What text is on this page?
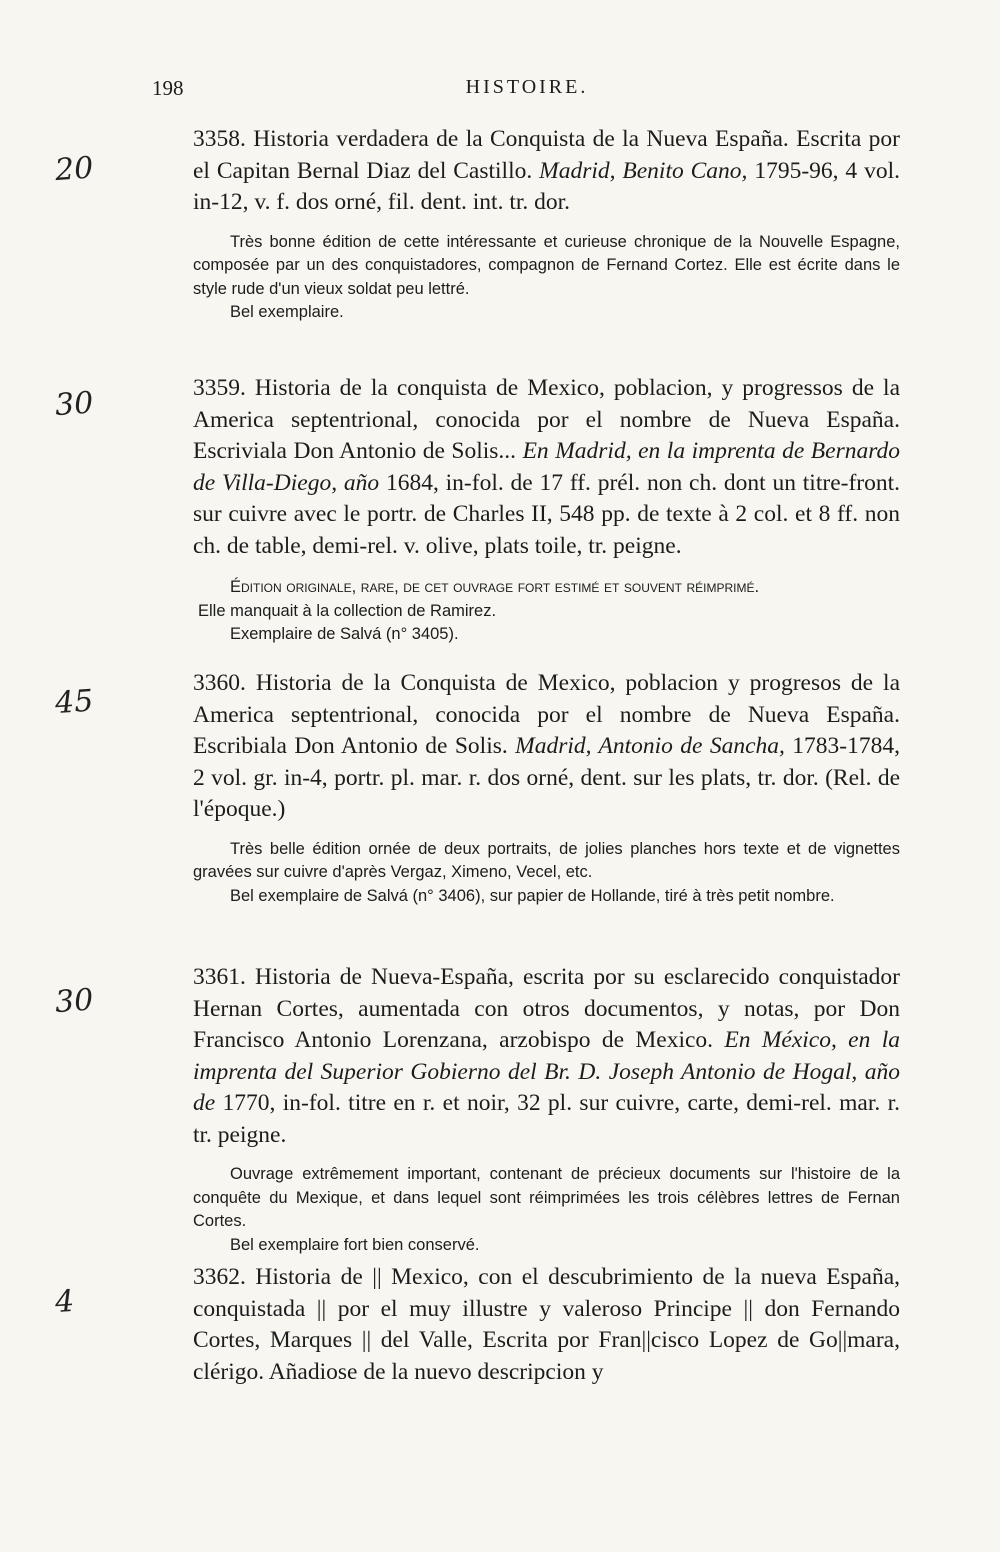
198	HISTOIRE.
20
30
45
30
4

3358. Historia verdadera de la Conquista de la Nueva España. Escrita por el Capitan Bernal Diaz del Castillo. Madrid, Benito Cano, 1795-96, 4 vol. in-12, v. f. dos orné, fil. dent. int. tr. dor.

Très bonne édition de cette intéressante et curieuse chronique de la Nouvelle Espagne, composée par un des conquistadores, compagnon de Fernand Cortez. Elle est écrite dans le style rude d'un vieux soldat peu lettré.

Bel exemplaire.

3359. Historia de la conquista de Mexico, poblacion, y progressos de la America septentrional, conocida por el nombre de Nueva España. Escriviala Don Antonio de Solis... En Madrid, en la imprenta de Bernardo de Villa-Diego, año 1684, in-fol. de 17 ff. prél. non ch. dont un titre-front. sur cuivre avec le portr. de Charles II, 548 pp. de texte à 2 col. et 8 ff. non ch. de table, demi-rel. v. olive, plats toile, tr. peigne.

Édition originale, rare, de cet ouvrage fort estimé et souvent réimprimé.

Elle manquait à la collection de Ramirez.

Exemplaire de Salvá (n° 3405).

3360. Historia de la Conquista de Mexico, poblacion y progresos de la America septentrional, conocida por el nombre de Nueva España. Escribiala Don Antonio de Solis. Madrid, Antonio de Sancha, 1783-1784, 2 vol. gr. in-4, portr. pl. mar. r. dos orné, dent. sur les plats, tr. dor. (Rel. de l'époque.)

Très belle édition ornée de deux portraits, de jolies planches hors texte et de vignettes gravées sur cuivre d'après Vergaz, Ximeno, Vecel, etc.

Bel exemplaire de Salvá (n° 3406), sur papier de Hollande, tiré à très petit nombre.

3361. Historia de Nueva-España, escrita por su esclarecido conquistador Hernan Cortes, aumentada con otros documentos, y notas, por Don Francisco Antonio Lorenzana, arzobispo de Mexico. En México, en la imprenta del Superior Gobierno del Br. D. Joseph Antonio de Hogal, año de 1770, in-fol. titre en r. et noir, 32 pl. sur cuivre, carte, demi-rel. mar. r. tr. peigne.

Ouvrage extrêmement important, contenant de précieux documents sur l'histoire de la conquête du Mexique, et dans lequel sont réimprimées les trois célèbres lettres de Fernan Cortes.

Bel exemplaire fort bien conservé.

3362. Historia de || Mexico, con el descubrimiento de la nueva España, conquistada || por el muy illustre y valeroso Principe || don Fernando Cortes, Marques || del Valle, Escrita por Fran||cisco Lopez de Go||mara, clérigo. Añadiose de la nuevo descripcion y
